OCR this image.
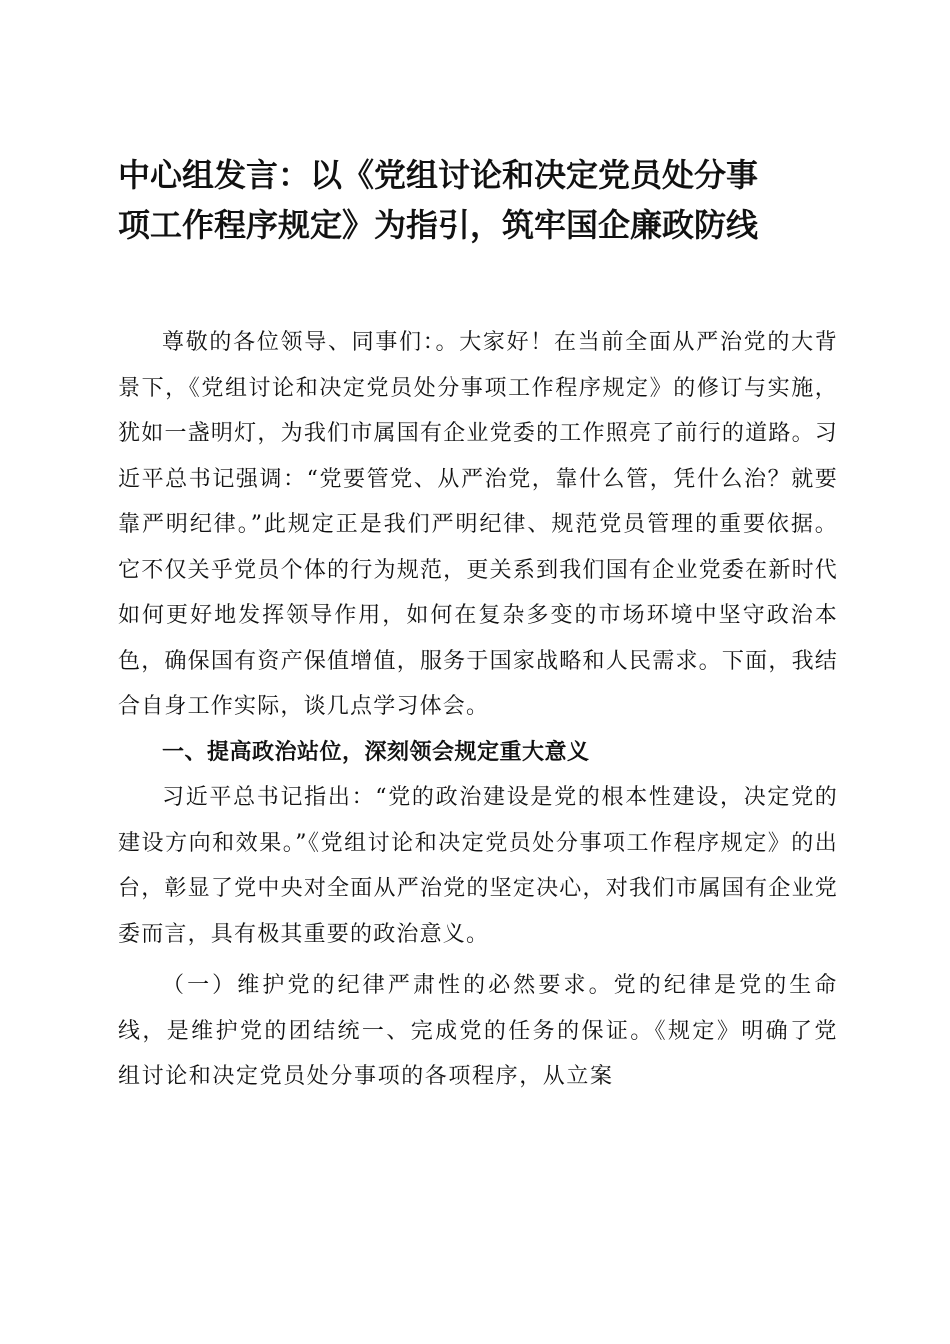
中心组发言：以《党组讨论和决定党员处分事
项工作程序规定》为指引，筑牢国企廉政防线

尊敬的各位领导、同事们：。大家好！在当前全面从严治党的大背景下，《党组讨论和决定党员处分事项工作程序规定》的修订与实施，犹如一盏明灯，为我们市属国有企业党委的工作照亮了前行的道路。习近平总书记强调：“党要管党、从严治党，靠什么管，凭什么治？就要靠严明纪律。”此规定正是我们严明纪律、规范党员管理的重要依据。它不仅关乎党员个体的行为规范，更关系到我们国有企业党委在新时代如何更好地发挥领导作用，如何在复杂多变的市场环境中坚守政治本色，确保国有资产保值增值，服务于国家战略和人民需求。下面，我结合自身工作实际，谈几点学习体会。

一、提高政治站位，深刻领会规定重大意义

习近平总书记指出：“党的政治建设是党的根本性建设，决定党的建设方向和效果。”《党组讨论和决定党员处分事项工作程序规定》的出台，彰显了党中央对全面从严治党的坚定决心，对我们市属国有企业党委而言，具有极其重要的政治意义。

（一）维护党的纪律严肃性的必然要求。党的纪律是党的生命线，是维护党的团结统一、完成党的任务的保证。《规定》明确了党组讨论和决定党员处分事项的各项程序，从立案
